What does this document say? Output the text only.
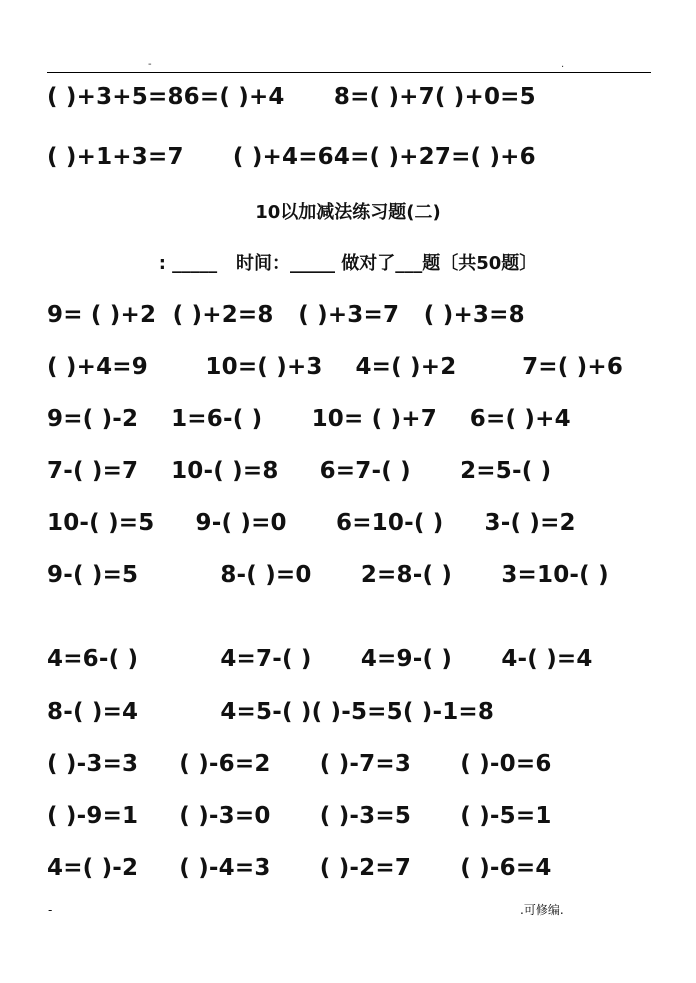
-	.
( )+3+5=86=( )+4      8=( )+7( )+0=5
( )+1+3=7      ( )+4=64=( )+27=( )+6
10以加减法练习题(二)
: _____   时间：_____ 做对了___题〔共50题〕
9= ( )+2  ( )+2=8   ( )+3=7   ( )+3=8
( )+4=9       10=( )+3    4=( )+2        7=( )+6
9=( )-2    1=6-( )      10= ( )+7    6=( )+4
7-( )=7    10-( )=8     6=7-( )      2=5-( )
10-( )=5     9-( )=0      6=10-( )     3-( )=2
9-( )=5          8-( )=0      2=8-( )      3=10-( )
4=6-( )          4=7-( )      4=9-( )      4-( )=4
8-( )=4          4=5-( )( )-5=5( )-1=8
( )-3=3     ( )-6=2      ( )-7=3      ( )-0=6
( )-9=1     ( )-3=0      ( )-3=5      ( )-5=1
4=( )-2     ( )-4=3      ( )-2=7      ( )-6=4
-	.可修编.
